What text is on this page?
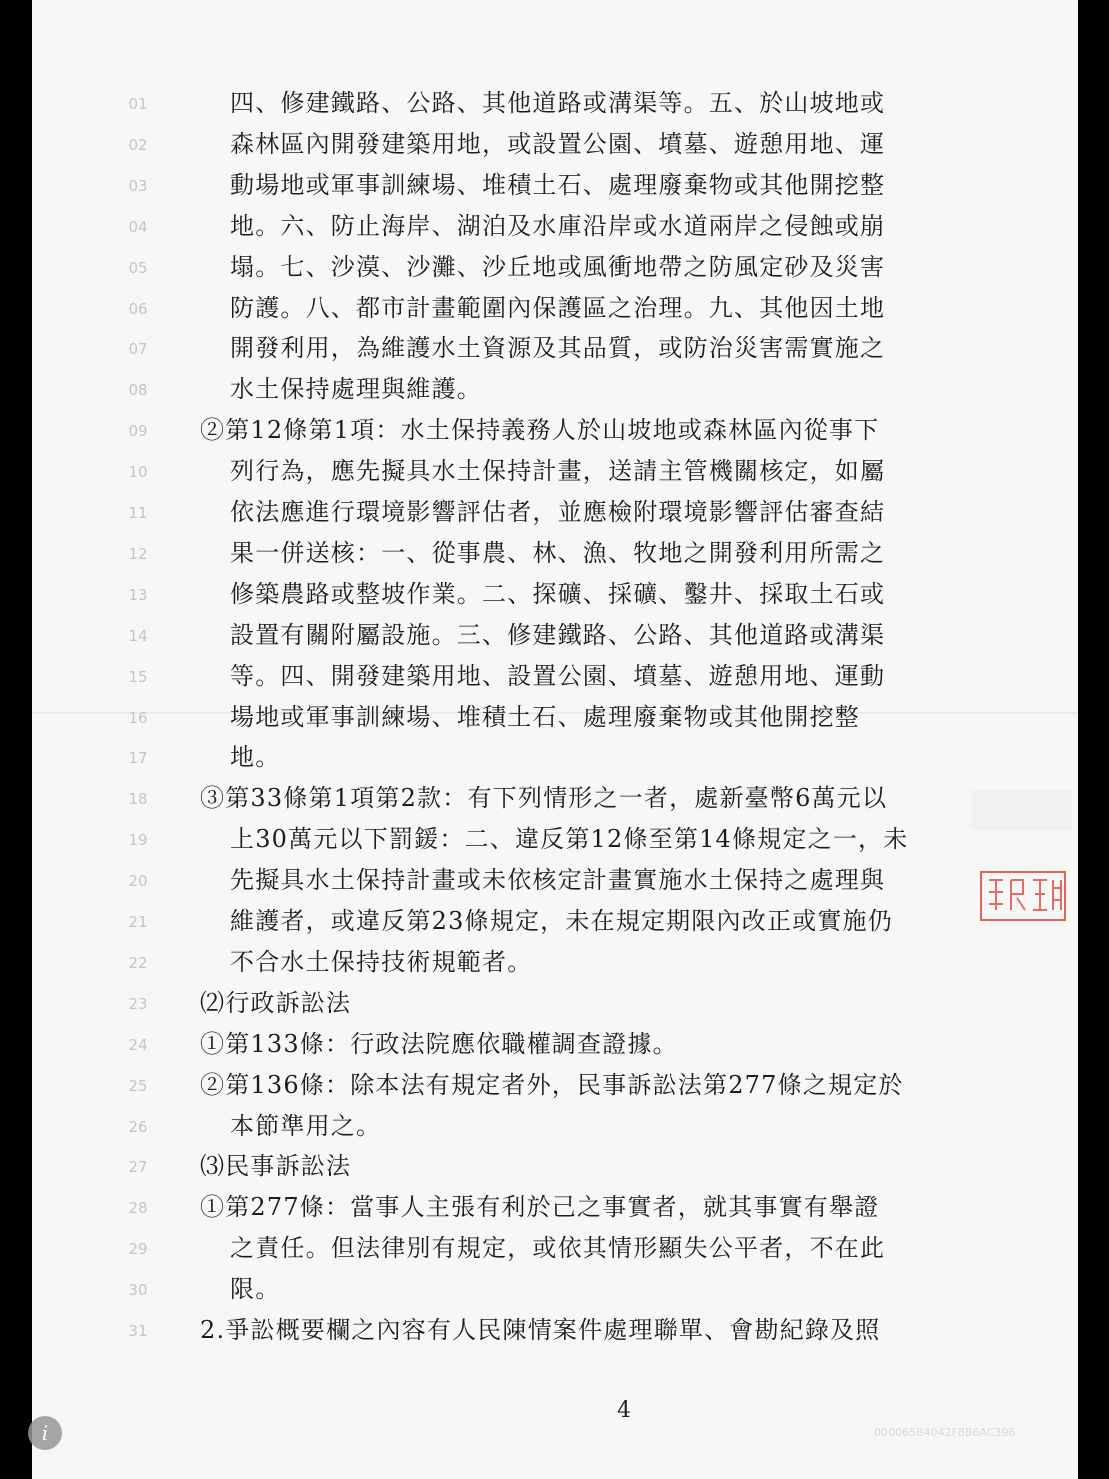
01	四、修建鐵路、公路、其他道路或溝渠等。五、於山坡地或
02	森林區內開發建築用地，或設置公園、墳墓、遊憩用地、運
03	動場地或軍事訓練場、堆積土石、處理廢棄物或其他開挖整
04	地。六、防止海岸、湖泊及水庫沿岸或水道兩岸之侵蝕或崩
05	塌。七、沙漠、沙灘、沙丘地或風衝地帶之防風定砂及災害
06	防護。八、都市計畫範圍內保護區之治理。九、其他因土地
07	開發利用，為維護水土資源及其品質，或防治災害需實施之
08	水土保持處理與維護。
09	②第12條第1項：水土保持義務人於山坡地或森林區內從事下
10	列行為，應先擬具水土保持計畫，送請主管機關核定，如屬
11	依法應進行環境影響評估者，並應檢附環境影響評估審查結
12	果一併送核：一、從事農、林、漁、牧地之開發利用所需之
13	修築農路或整坡作業。二、探礦、採礦、鑿井、採取土石或
14	設置有關附屬設施。三、修建鐵路、公路、其他道路或溝渠
15	等。四、開發建築用地、設置公園、墳墓、遊憩用地、運動
16	場地或軍事訓練場、堆積土石、處理廢棄物或其他開挖整
17	地。
18	③第33條第1項第2款：有下列情形之一者，處新臺幣6萬元以
19	上30萬元以下罰鍰：二、違反第12條至第14條規定之一，未
20	先擬具水土保持計畫或未依核定計畫實施水土保持之處理與
21	維護者，或違反第23條規定，未在規定期限內改正或實施仍
22	不合水土保持技術規範者。
23	⑵行政訴訟法
24	①第133條：行政法院應依職權調查證據。
25	②第136條：除本法有規定者外，民事訴訟法第277條之規定於
26	本節準用之。
27	⑶民事訴訟法
28	①第277條：當事人主張有利於己之事實者，就其事實有舉證
29	之責任。但法律別有規定，或依其情形顯失公平者，不在此
30	限。
31	2.爭訟概要欄之內容有人民陳情案件處理聯單、會勘紀錄及照
4
000065B4042F8B6AC396
i
